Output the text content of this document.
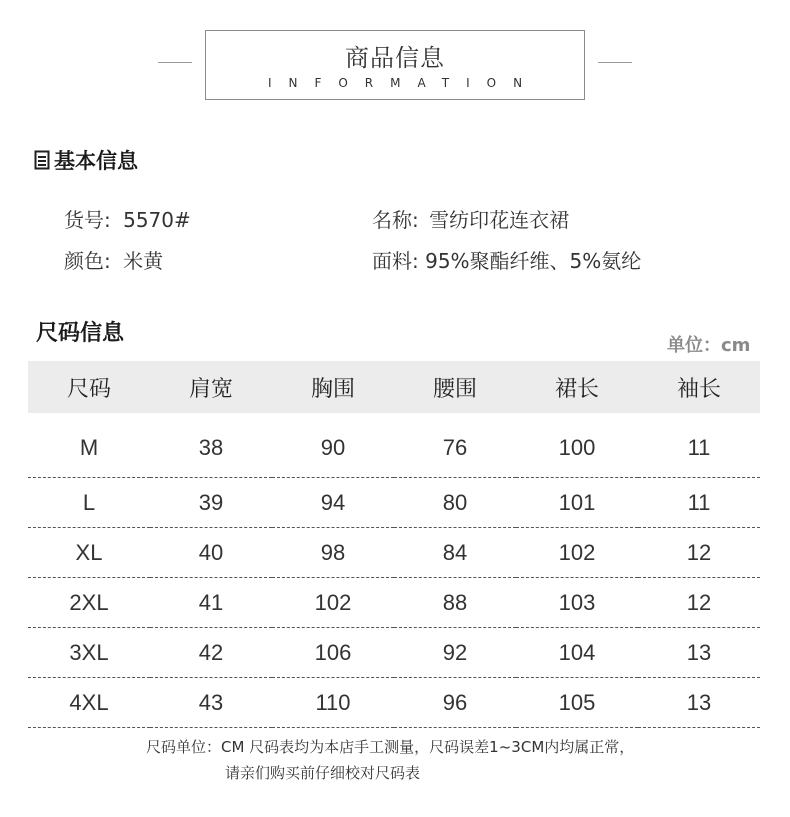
商品信息
INFORMATION
基本信息
货号: 5570#	名称: 雪纺印花连衣裙
颜色: 米黄	面料: 95%聚酯纤维、5%氨纶
尺码信息	单位：cm
尺码	肩宽	胸围	腰围	裙长	袖长
M	38	90	76	100	11
L	39	94	80	101	11
XL	40	98	84	102	12
2XL	41	102	88	103	12
3XL	42	106	92	104	13
4XL	43	110	96	105	13
尺码单位：CM 尺码表均为本店手工测量，尺码误差1~3CM内均属正常，
请亲们购买前仔细校对尺码表
